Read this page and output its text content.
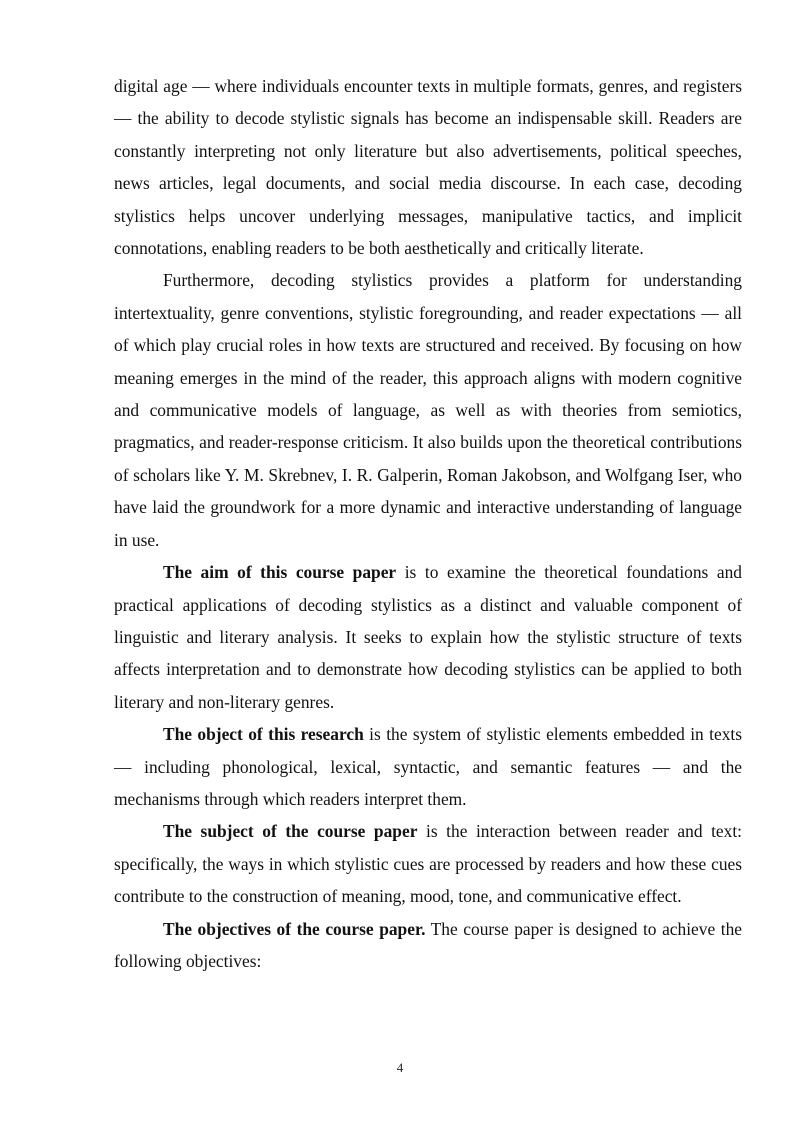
digital age — where individuals encounter texts in multiple formats, genres, and registers — the ability to decode stylistic signals has become an indispensable skill. Readers are constantly interpreting not only literature but also advertisements, political speeches, news articles, legal documents, and social media discourse. In each case, decoding stylistics helps uncover underlying messages, manipulative tactics, and implicit connotations, enabling readers to be both aesthetically and critically literate.

Furthermore, decoding stylistics provides a platform for understanding intertextuality, genre conventions, stylistic foregrounding, and reader expectations — all of which play crucial roles in how texts are structured and received. By focusing on how meaning emerges in the mind of the reader, this approach aligns with modern cognitive and communicative models of language, as well as with theories from semiotics, pragmatics, and reader-response criticism. It also builds upon the theoretical contributions of scholars like Y. M. Skrebnev, I. R. Galperin, Roman Jakobson, and Wolfgang Iser, who have laid the groundwork for a more dynamic and interactive understanding of language in use.

The aim of this course paper is to examine the theoretical foundations and practical applications of decoding stylistics as a distinct and valuable component of linguistic and literary analysis. It seeks to explain how the stylistic structure of texts affects interpretation and to demonstrate how decoding stylistics can be applied to both literary and non-literary genres.

The object of this research is the system of stylistic elements embedded in texts — including phonological, lexical, syntactic, and semantic features — and the mechanisms through which readers interpret them.

The subject of the course paper is the interaction between reader and text: specifically, the ways in which stylistic cues are processed by readers and how these cues contribute to the construction of meaning, mood, tone, and communicative effect.

The objectives of the course paper. The course paper is designed to achieve the following objectives:

4
